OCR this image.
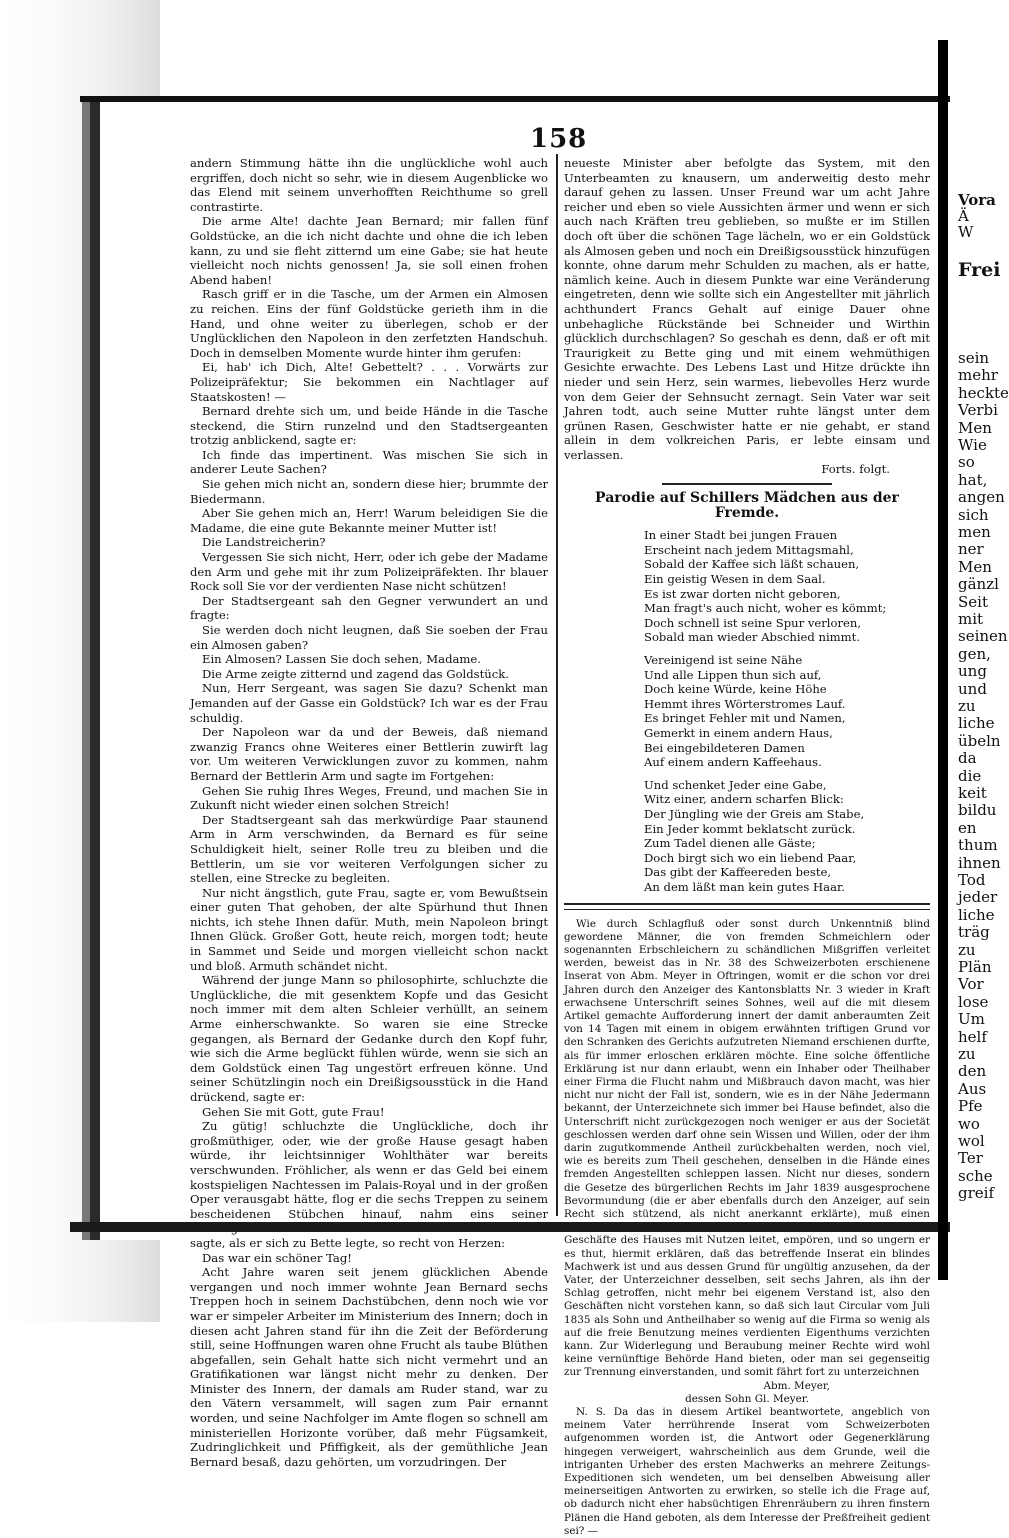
158

andern Stimmung hätte ihn die unglückliche wohl auch ergriffen, doch nicht so sehr, wie in diesem Augenblicke wo das Elend mit seinem unverhofften Reichthume so grell contrastirte.

Die arme Alte! dachte Jean Bernard; mir fallen fünf Goldstücke, an die ich nicht dachte und ohne die ich leben kann, zu und sie fleht zitternd um eine Gabe; sie hat heute vielleicht noch nichts genossen! Ja, sie soll einen frohen Abend haben!

Rasch griff er in die Tasche, um der Armen ein Almosen zu reichen. Eins der fünf Goldstücke gerieth ihm in die Hand, und ohne weiter zu überlegen, schob er der Unglücklichen den Napoleon in den zerfetzten Handschuh. Doch in demselben Momente wurde hinter ihm gerufen:

Ei, hab' ich Dich, Alte! Gebettelt? . . . Vorwärts zur Polizeipräfektur; Sie bekommen ein Nachtlager auf Staatskosten! —

Bernard drehte sich um, und beide Hände in die Tasche steckend, die Stirn runzelnd und den Stadtsergeanten trotzig anblickend, sagte er:

Ich finde das impertinent. Was mischen Sie sich in anderer Leute Sachen?

Sie gehen mich nicht an, sondern diese hier; brummte der Biedermann.

Aber Sie gehen mich an, Herr! Warum beleidigen Sie die Madame, die eine gute Bekannte meiner Mutter ist!

Die Landstreicherin?

Vergessen Sie sich nicht, Herr, oder ich gebe der Madame den Arm und gehe mit ihr zum Polizeipräfekten. Ihr blauer Rock soll Sie vor der verdienten Nase nicht schützen!

Der Stadtsergeant sah den Gegner verwundert an und fragte:

Sie werden doch nicht leugnen, daß Sie soeben der Frau ein Almosen gaben?

Ein Almosen? Lassen Sie doch sehen, Madame.

Die Arme zeigte zitternd und zagend das Goldstück.

Nun, Herr Sergeant, was sagen Sie dazu? Schenkt man Jemanden auf der Gasse ein Goldstück? Ich war es der Frau schuldig.

Der Napoleon war da und der Beweis, daß niemand zwanzig Francs ohne Weiteres einer Bettlerin zuwirft lag vor. Um weiteren Verwicklungen zuvor zu kommen, nahm Bernard der Bettlerin Arm und sagte im Fortgehen:

Gehen Sie ruhig Ihres Weges, Freund, und machen Sie in Zukunft nicht wieder einen solchen Streich!

Der Stadtsergeant sah das merkwürdige Paar staunend Arm in Arm verschwinden, da Bernard es für seine Schuldigkeit hielt, seiner Rolle treu zu bleiben und die Bettlerin, um sie vor weiteren Verfolgungen sicher zu stellen, eine Strecke zu begleiten.

Nur nicht ängstlich, gute Frau, sagte er, vom Bewußtsein einer guten That gehoben, der alte Spürhund thut Ihnen nichts, ich stehe Ihnen dafür. Muth, mein Napoleon bringt Ihnen Glück. Großer Gott, heute reich, morgen todt; heute in Sammet und Seide und morgen vielleicht schon nackt und bloß. Armuth schändet nicht.

Während der junge Mann so philosophirte, schluchzte die Unglückliche, die mit gesenktem Kopfe und das Gesicht noch immer mit dem alten Schleier verhüllt, an seinem Arme einherschwankte. So waren sie eine Strecke gegangen, als Bernard der Gedanke durch den Kopf fuhr, wie sich die Arme beglückt fühlen würde, wenn sie sich an dem Goldstück einen Tag ungestört erfreuen könne. Und seiner Schützlingin noch ein Dreißigsousstück in die Hand drückend, sagte er:

Gehen Sie mit Gott, gute Frau!

Zu gütig! schluchzte die Unglückliche, doch ihr großmüthiger, oder, wie der große Hause gesagt haben würde, ihr leichtsinniger Wohlthäter war bereits verschwunden. Fröhlicher, als wenn er das Geld bei einem kostspieligen Nachtessen im Palais-Royal und in der großen Oper verausgabt hätte, flog er die sechs Treppen zu seinem bescheidenen Stübchen hinauf, nahm eins seiner sagte, als er sich zu Bette legte, so recht von Herzen:

Das war ein schöner Tag!

Acht Jahre waren seit jenem glücklichen Abende vergangen und noch immer wohnte Jean Bernard sechs Treppen hoch in seinem Dachstübchen, denn noch wie vor war er simpeler Arbeiter im Ministerium des Innern; doch in diesen acht Jahren stand für ihn die Zeit der Beförderung still, seine Hoffnungen waren ohne Frucht als taube Blüthen abgefallen, sein Gehalt hatte sich nicht vermehrt und an Gratifikationen war längst nicht mehr zu denken. Der Minister des Innern, der damals am Ruder stand, war zu den Vätern versammelt, will sagen zum Pair ernannt worden, und seine Nachfolger im Amte flogen so schnell am ministeriellen Horizonte vorüber, daß mehr Fügsamkeit, Zudringlichkeit und Pfiffigkeit, als der gemüthliche Jean Bernard besaß, dazu gehörten, um vorzudringen. Der

neueste Minister aber befolgte das System, mit den Unterbeamten zu knausern, um anderweitig desto mehr darauf gehen zu lassen. Unser Freund war um acht Jahre reicher und eben so viele Aussichten ärmer und wenn er sich auch nach Kräften treu geblieben, so mußte er im Stillen doch oft über die schönen Tage lächeln, wo er ein Goldstück als Almosen geben und noch ein Dreißigsousstück hinzufügen konnte, ohne darum mehr Schulden zu machen, als er hatte, nämlich keine. Auch in diesem Punkte war eine Veränderung eingetreten, denn wie sollte sich ein Angestellter mit jährlich achthundert Francs Gehalt auf einige Dauer ohne unbehagliche Rückstände bei Schneider und Wirthin glücklich durchschlagen? So geschah es denn, daß er oft mit Traurigkeit zu Bette ging und mit einem wehmüthigen Gesichte erwachte. Des Lebens Last und Hitze drückte ihn nieder und sein Herz, sein warmes, liebevolles Herz wurde von dem Geier der Sehnsucht zernagt. Sein Vater war seit Jahren todt, auch seine Mutter ruhte längst unter dem grünen Rasen, Geschwister hatte er nie gehabt, er stand allein in dem volkreichen Paris, er lebte einsam und verlassen.

Forts. folgt.
Parodie auf Schillers Mädchen aus der Fremde.
In einer Stadt bei jungen Frauen
Erscheint nach jedem Mittagsmahl,
Sobald der Kaffee sich läßt schauen,
Ein geistig Wesen in dem Saal.
Es ist zwar dorten nicht geboren,
Man fragt's auch nicht, woher es kömmt;
Doch schnell ist seine Spur verloren,
Sobald man wieder Abschied nimmt.
Vereinigend ist seine Nähe
Und alle Lippen thun sich auf,
Doch keine Würde, keine Höhe
Hemmt ihres Wörterstromes Lauf.
Es bringet Fehler mit und Namen,
Gemerkt in einem andern Haus,
Bei eingebildeteren Damen
Auf einem andern Kaffeehaus.
Und schenket Jeder eine Gabe,
Witz einer, andern scharfen Blick:
Der Jüngling wie der Greis am Stabe,
Ein Jeder kommt beklatscht zurück.
Zum Tadel dienen alle Gäste;
Doch birgt sich wo ein liebend Paar,
Das gibt der Kaffeereden beste,
An dem läßt man kein gutes Haar.

Wie durch Schlagfluß oder sonst durch Unkenntniß blind gewordene Männer, die von fremden Schmeichlern oder sogenannten Erbschleichern zu schändlichen Mißgriffen verleitet werden, beweist das in Nr. 38 des Schweizerboten erschienene Inserat von Abm. Meyer in Oftringen, womit er die schon vor drei Jahren durch den Anzeiger des Kantonsblatts Nr. 3 wieder in Kraft erwachsene Unterschrift seines Sohnes, weil auf die mit diesem Artikel gemachte Aufforderung innert der damit anberaumten Zeit von 14 Tagen mit einem in obigem erwähnten triftigen Grund vor den Schranken des Gerichts aufzutreten Niemand erschienen durfte, als für immer erloschen erklären möchte. Eine solche öffentliche Erklärung ist nur dann erlaubt, wenn ein Inhaber oder Theilhaber einer Firma die Flucht nahm und Mißbrauch davon macht, was hier nicht nur nicht der Fall ist, sondern, wie es in der Nähe Jedermann bekannt, der Unterzeichnete sich immer bei Hause befindet, also die Unterschrift nicht zurückgezogen noch weniger er aus der Societät geschlossen werden darf ohne sein Wissen und Willen, oder der ihm darin zugutkommende Antheil zurückbehalten werden, noch viel, wie es bereits zum Theil geschehen, denselben in die Hände eines fremden Angestellten schleppen lassen. Nicht nur dieses, sondern die Gesetze des bürgerlichen Rechts im Jahr 1839 ausgesprochene Bevormundung (die er aber ebenfalls durch den Anzeiger, auf sein Recht sich stützend, als nicht anerkannt erklärte), muß einen Geschäfte des Hauses mit Nutzen leitet, empören, und so ungern er es thut, hiermit erklären, daß das betreffende Inserat ein blindes Machwerk ist und aus dessen Grund für ungültig anzusehen, da der Vater, der Unterzeichner desselben, seit sechs Jahren, als ihn der Schlag getroffen, nicht mehr bei eigenem Verstand ist, also den Geschäften nicht vorstehen kann, so daß sich laut Circular vom Juli 1835 als Sohn und Antheilhaber so wenig auf die Firma so wenig als auf die freie Benutzung meines verdienten Eigenthums verzichten kann. Zur Widerlegung und Beraubung meiner Rechte wird wohl keine vernünftige Behörde Hand bieten, oder man sei gegenseitig zur Trennung einverstanden, und somit fährt fort zu unterzeichnen

Abm. Meyer,
dessen Sohn Gl. Meyer.

N. S. Da das in diesem Artikel beantwortete, angeblich von meinem Vater herrührende Inserat vom Schweizerboten aufgenommen worden ist, die Antwort oder Gegenerklärung hingegen verweigert, wahrscheinlich aus dem Grunde, weil die intriganten Urheber des ersten Machwerks an mehrere Zeitungs-Expeditionen sich wendeten, um bei denselben Abweisung aller meinerseitigen Antworten zu erwirken, so stelle ich die Frage auf, ob dadurch nicht eher habsüchtigen Ehrenräubern zu ihren finstern Plänen die Hand geboten, als dem Interesse der Preßfreiheit gedient sei? —

Vora
Ä
W
Frei
sein
mehr
heckte
Verbi
Men
Wie
so
hat,
angen
sich
men
ner
Men
gänzl
Seit
mit
seinen
gen,
ung
und
zu
liche
übeln
da
die
keit
bildu
en
thum
ihnen
Tod
jeder
liche
träg
zu
Plän
Vor
lose
Um
helf
zu
den
Aus
Pfe
wo
wol
Ter
sche
greif
